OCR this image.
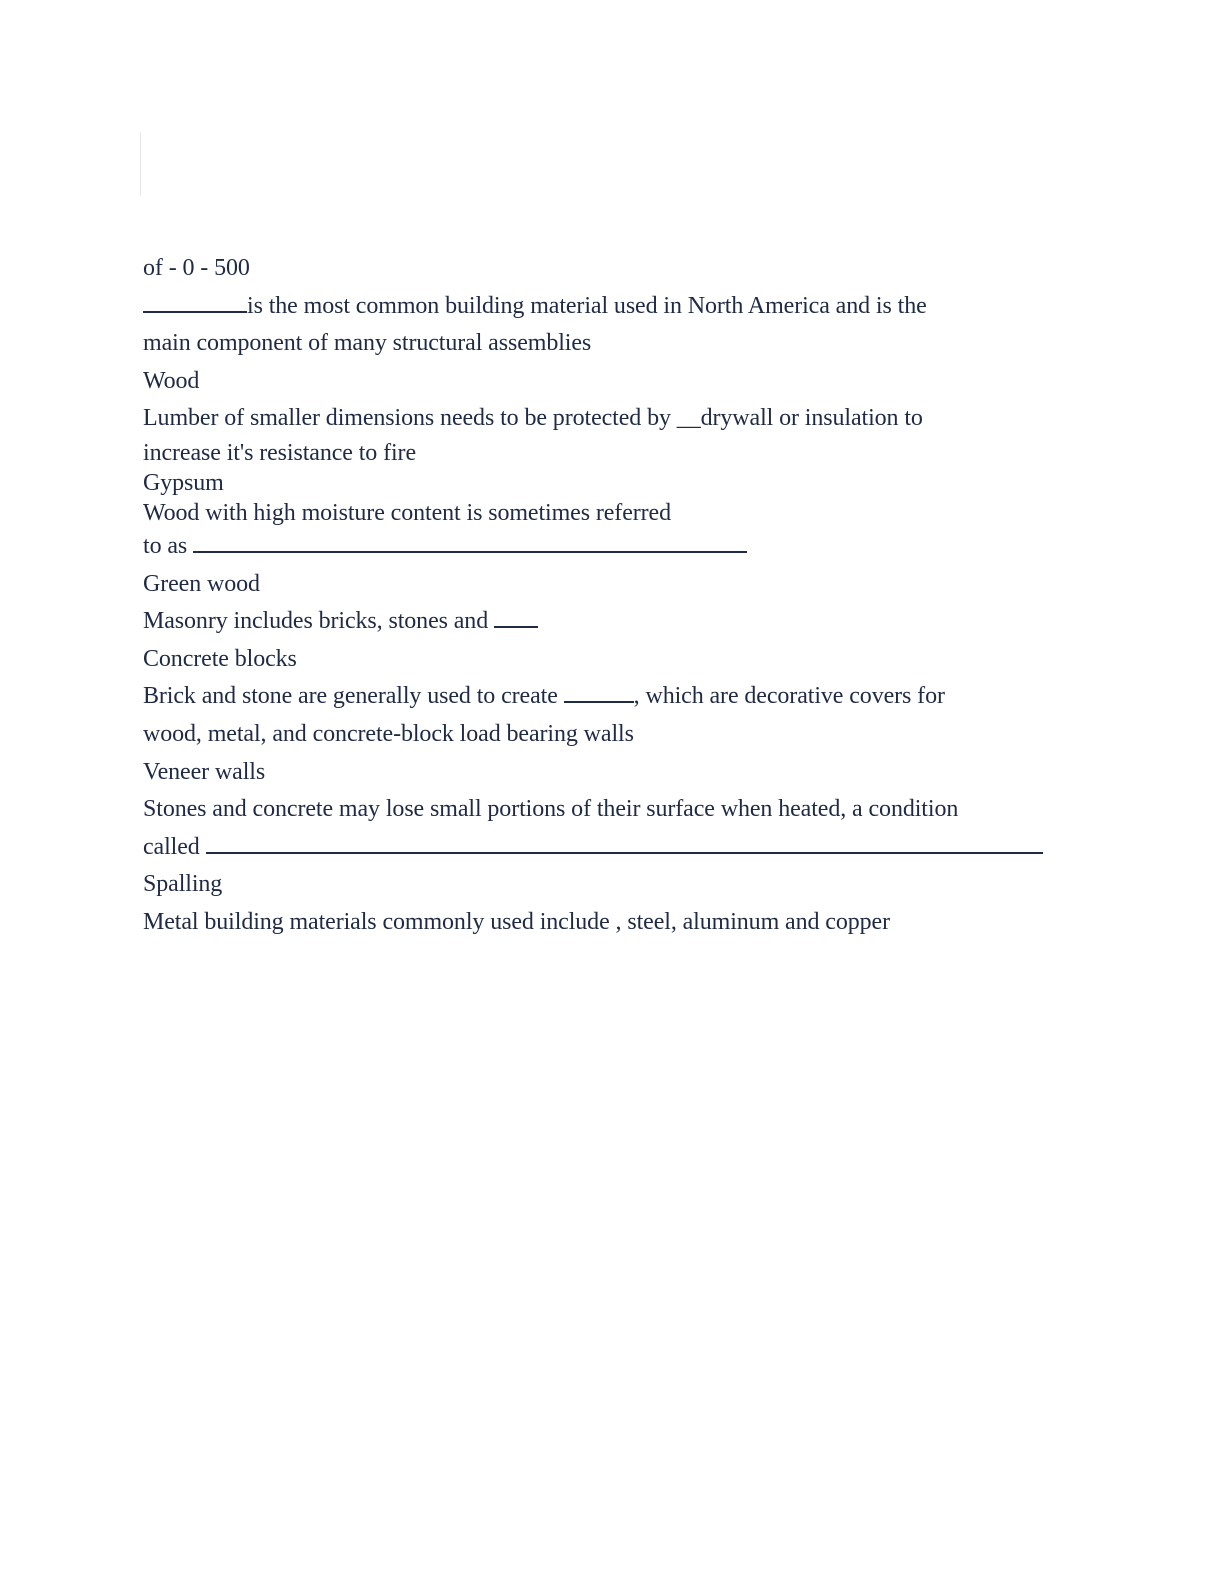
of - 0 - 500
is the most common building material used in North America and is the
main component of many structural assemblies
Wood
Lumber of smaller dimensions needs to be protected by __drywall or insulation to
increase it's resistance to fire
Gypsum
Wood with high moisture content is sometimes referred
to as
Green wood
Masonry includes bricks, stones and
Concrete blocks
Brick and stone are generally used to create	, which are decorative covers for
wood, metal, and concrete-block load bearing walls
Veneer walls
Stones and concrete may lose small portions of their surface when heated, a condition
called
Spalling
Metal building materials commonly used include , steel, aluminum and copper
